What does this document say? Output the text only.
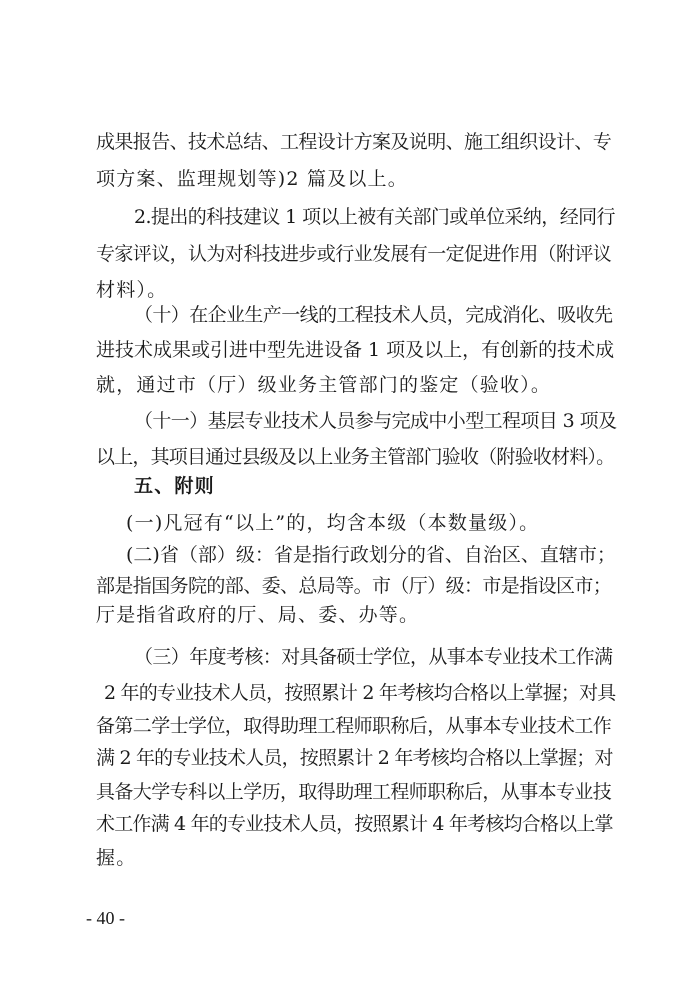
成果报告、技术总结、工程设计方案及说明、施工组织设计、专
项方案、监理规划等)2 篇及以上。
2.提出的科技建议 1 项以上被有关部门或单位采纳，经同行
专家评议，认为对科技进步或行业发展有一定促进作用（附评议
材料）。
（十）在企业生产一线的工程技术人员，完成消化、吸收先
进技术成果或引进中型先进设备 1 项及以上，有创新的技术成
就，通过市（厅）级业务主管部门的鉴定（验收）。
（十一）基层专业技术人员参与完成中小型工程项目 3 项及
以上，其项目通过县级及以上业务主管部门验收（附验收材料）。
五、附则
(一)凡冠有“以上”的，均含本级（本数量级）。
(二)省（部）级：省是指行政划分的省、自治区、直辖市；
部是指国务院的部、委、总局等。市（厅）级：市是指设区市；
厅是指省政府的厅、局、委、办等。
（三）年度考核：对具备硕士学位，从事本专业技术工作满
2 年的专业技术人员，按照累计 2 年考核均合格以上掌握；对具
备第二学士学位，取得助理工程师职称后，从事本专业技术工作
满 2 年的专业技术人员，按照累计 2 年考核均合格以上掌握；对
具备大学专科以上学历，取得助理工程师职称后，从事本专业技
术工作满 4 年的专业技术人员，按照累计 4 年考核均合格以上掌
握。
- 40 -
